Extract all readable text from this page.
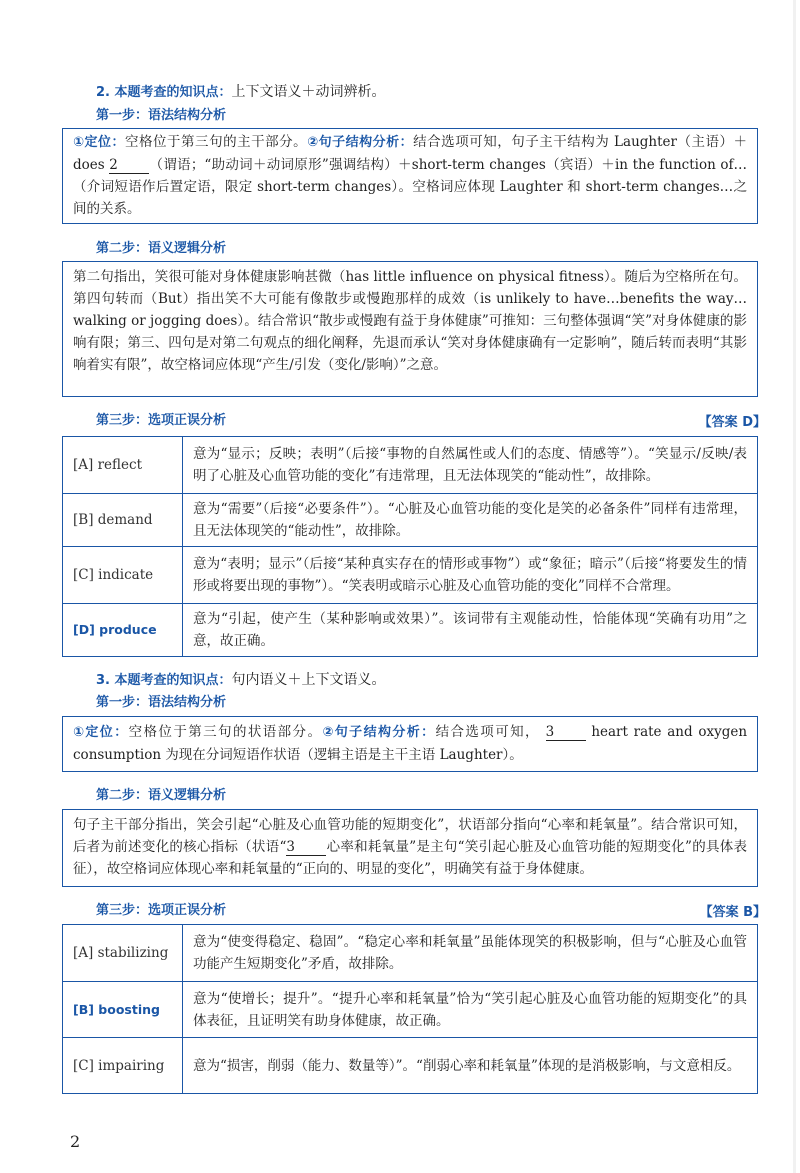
2. 本题考查的知识点：上下文语义＋动词辨析。
第一步：语法结构分析

①定位：空格位于第三句的主干部分。②句子结构分析：结合选项可知，句子主干结构为 Laughter（主语）＋does 2 （谓语；“助动词＋动词原形”强调结构）＋short-term changes（宾语）＋in the function of…（介词短语作后置定语，限定 short-term changes）。空格词应体现 Laughter 和 short-term changes…之间的关系。

第二步：语义逻辑分析

第二句指出，笑很可能对身体健康影响甚微（has little influence on physical fitness）。随后为空格所在句。第四句转而（But）指出笑不大可能有像散步或慢跑那样的成效（is unlikely to have…benefits the way…walking or jogging does）。结合常识“散步或慢跑有益于身体健康”可推知：三句整体强调“笑”对身体健康的影响有限；第三、四句是对第二句观点的细化阐释，先退而承认“笑对身体健康确有一定影响”，随后转而表明“其影响着实有限”，故空格词应体现“产生/引发（变化/影响）”之意。

第三步：选项正误分析	【答案 D】
[A] reflect	意为“显示；反映；表明”（后接“事物的自然属性或人们的态度、情感等”）。“笑显示/反映/表明了心脏及心血管功能的变化”有违常理，且无法体现笑的“能动性”，故排除。
[B] demand	意为“需要”（后接“必要条件”）。“心脏及心血管功能的变化是笑的必备条件”同样有违常理，且无法体现笑的“能动性”，故排除。
[C] indicate	意为“表明；显示”（后接“某种真实存在的情形或事物”）或“象征；暗示”（后接“将要发生的情形或将要出现的事物”）。“笑表明或暗示心脏及心血管功能的变化”同样不合常理。
[D] produce	意为“引起，使产生（某种影响或效果）”。该词带有主观能动性，恰能体现“笑确有功用”之意，故正确。
3. 本题考查的知识点：句内语义＋上下文语义。
第一步：语法结构分析

①定位：空格位于第三句的状语部分。②句子结构分析：结合选项可知， 3	heart rate and oxygen consumption 为现在分词短语作状语（逻辑主语是主干主语 Laughter）。

第二步：语义逻辑分析

句子主干部分指出，笑会引起“心脏及心血管功能的短期变化”，状语部分指向“心率和耗氧量”。结合常识可知，后者为前述变化的核心指标（状语“3 心率和耗氧量”是主句“笑引起心脏及心血管功能的短期变化”的具体表征），故空格词应体现心率和耗氧量的“正向的、明显的变化”，明确笑有益于身体健康。

第三步：选项正误分析	【答案 B】
[A] stabilizing	意为“使变得稳定、稳固”。“稳定心率和耗氧量”虽能体现笑的积极影响，但与“心脏及心血管功能产生短期变化”矛盾，故排除。
[B] boosting	意为“使增长；提升”。“提升心率和耗氧量”恰为“笑引起心脏及心血管功能的短期变化”的具体表征，且证明笑有助身体健康，故正确。
[C] impairing	意为“损害，削弱（能力、数量等）”。“削弱心率和耗氧量”体现的是消极影响，与文意相反。
2
